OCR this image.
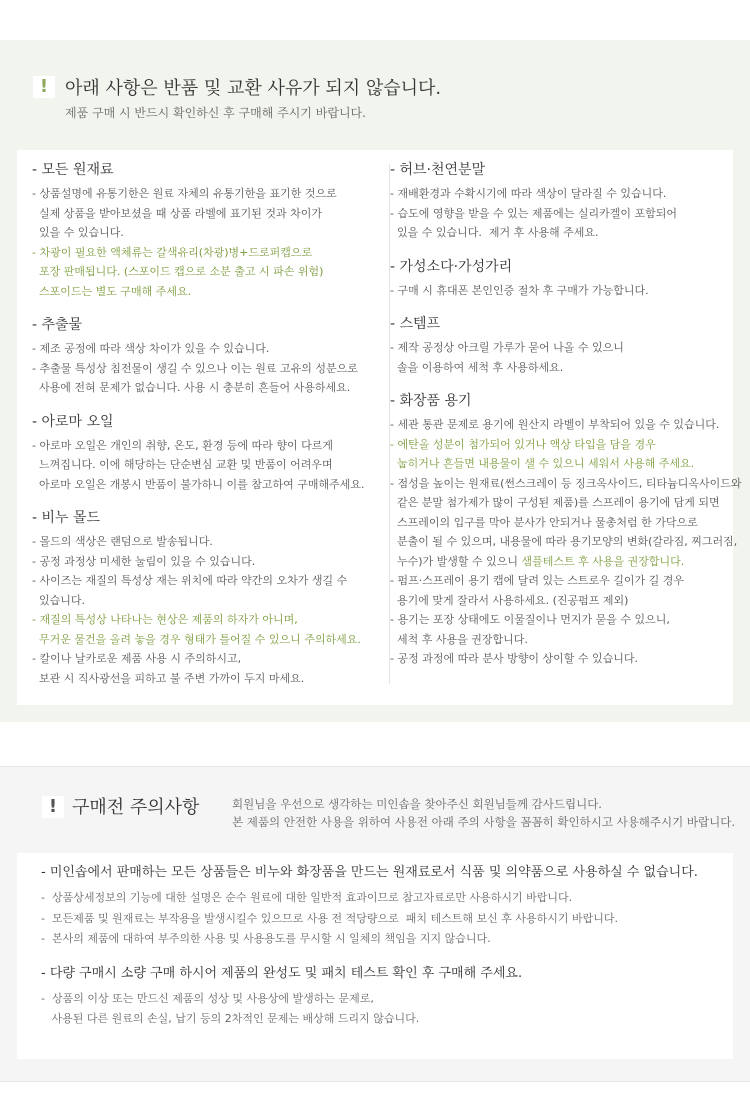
! 아래 사항은 반품 및 교환 사유가 되지 않습니다.
제품 구매 시 반드시 확인하신 후 구매해 주시기 바랍니다.
- 모든 원재료
- 상품설명에 유통기한은 원료 자체의 유통기한을 표기한 것으로
실제 상품을 받아보셨을 때 상품 라벨에 표기된 것과 차이가
있을 수 있습니다.
- 차광이 필요한 액체류는 갈색유리(차광)병+드로퍼캡으로
포장 판매됩니다. (스포이드 캡으로 소분 출고 시 파손 위험)
스포이드는 별도 구매해 주세요.
- 추출물
- 제조 공정에 따라 색상 차이가 있을 수 있습니다.
- 추출물 특성상 침전물이 생길 수 있으나 이는 원료 고유의 성분으로
사용에 전혀 문제가 없습니다. 사용 시 충분히 흔들어 사용하세요.
- 아로마 오일
- 아로마 오일은 개인의 취향, 온도, 환경 등에 따라 향이 다르게
느껴집니다. 이에 해당하는 단순변심 교환 및 반품이 어려우며
아로마 오일은 개봉시 반품이 불가하니 이를 참고하여 구매해주세요.
- 비누 몰드
- 몰드의 색상은 랜덤으로 발송됩니다.
- 공정 과정상 미세한 눌림이 있을 수 있습니다.
- 사이즈는 재질의 특성상 재는 위치에 따라 약간의 오차가 생길 수
있습니다.
- 재질의 특성상 나타나는 현상은 제품의 하자가 아니며,
무거운 물건을 올려 놓을 경우 형태가 틀어질 수 있으니 주의하세요.
- 칼이나 날카로운 제품 사용 시 주의하시고,
보관 시 직사광선을 피하고 불 주변 가까이 두지 마세요.
- 허브·천연분말
- 재배환경과 수확시기에 따라 색상이 달라질 수 있습니다.
- 습도에 영향을 받을 수 있는 제품에는 실리카겔이 포함되어
있을 수 있습니다.  제거 후 사용해 주세요.
- 가성소다·가성가리
- 구매 시 휴대폰 본인인증 절차 후 구매가 가능합니다.
- 스템프
- 제작 공정상 아크릴 가루가 묻어 나올 수 있으니
솔을 이용하여 세척 후 사용하세요.
- 화장품 용기
- 세관 통관 문제로 용기에 원산지 라벨이 부착되어 있을 수 있습니다.
- 에탄올 성분이 첨가되어 있거나 액상 타입을 담을 경우
눕히거나 흔들면 내용물이 샐 수 있으니 세워서 사용해 주세요.
- 점성을 높이는 원재료(썬스크레이 등 징크옥사이드, 티타늄디옥사이드와
같은 분말 첨가제가 많이 구성된 제품)를 스프레이 용기에 담게 되면
스프레이의 입구를 막아 분사가 안되거나 물총처럼 한 가닥으로
분출이 될 수 있으며, 내용물에 따라 용기모양의 변화(갈라짐, 찌그러짐,
누수)가 발생할 수 있으니 샘플테스트 후 사용을 권장합니다.
- 펌프·스프레이 용기 캡에 달려 있는 스트로우 길이가 길 경우
용기에 맞게 잘라서 사용하세요. (진공펌프 제외)
- 용기는 포장 상태에도 이물질이나 먼지가 묻을 수 있으니,
세척 후 사용을 권장합니다.
- 공정 과정에 따라 분사 방향이 상이할 수 있습니다.
! 구매전 주의사항	회원님을 우선으로 생각하는 미인솝을 찾아주신 회원님들께 감사드립니다.
본 제품의 안전한 사용을 위하여 사용전 아래 주의 사항을 꼼꼼히 확인하시고 사용해주시기 바랍니다.
- 미인솝에서 판매하는 모든 상품들은 비누와 화장품을 만드는 원재료로서 식품 및 의약품으로 사용하실 수 없습니다.
-  상품상세정보의 기능에 대한 설명은 순수 원료에 대한 일반적 효과이므로 참고자료로만 사용하시기 바랍니다.
-  모든제품 및 원재료는 부작용을 발생시킬수 있으므로 사용 전 적당량으로  패치 테스트해 보신 후 사용하시기 바랍니다.
-  본사의 제품에 대하여 부주의한 사용 및 사용용도를 무시할 시 일체의 책임을 지지 않습니다.
- 다량 구매시 소량 구매 하시어 제품의 완성도 및 패치 테스트 확인 후 구매해 주세요.
-  상품의 이상 또는 만드신 제품의 성상 및 사용상에 발생하는 문제로,
사용된 다른 원료의 손실, 납기 등의 2차적인 문제는 배상해 드리지 않습니다.
